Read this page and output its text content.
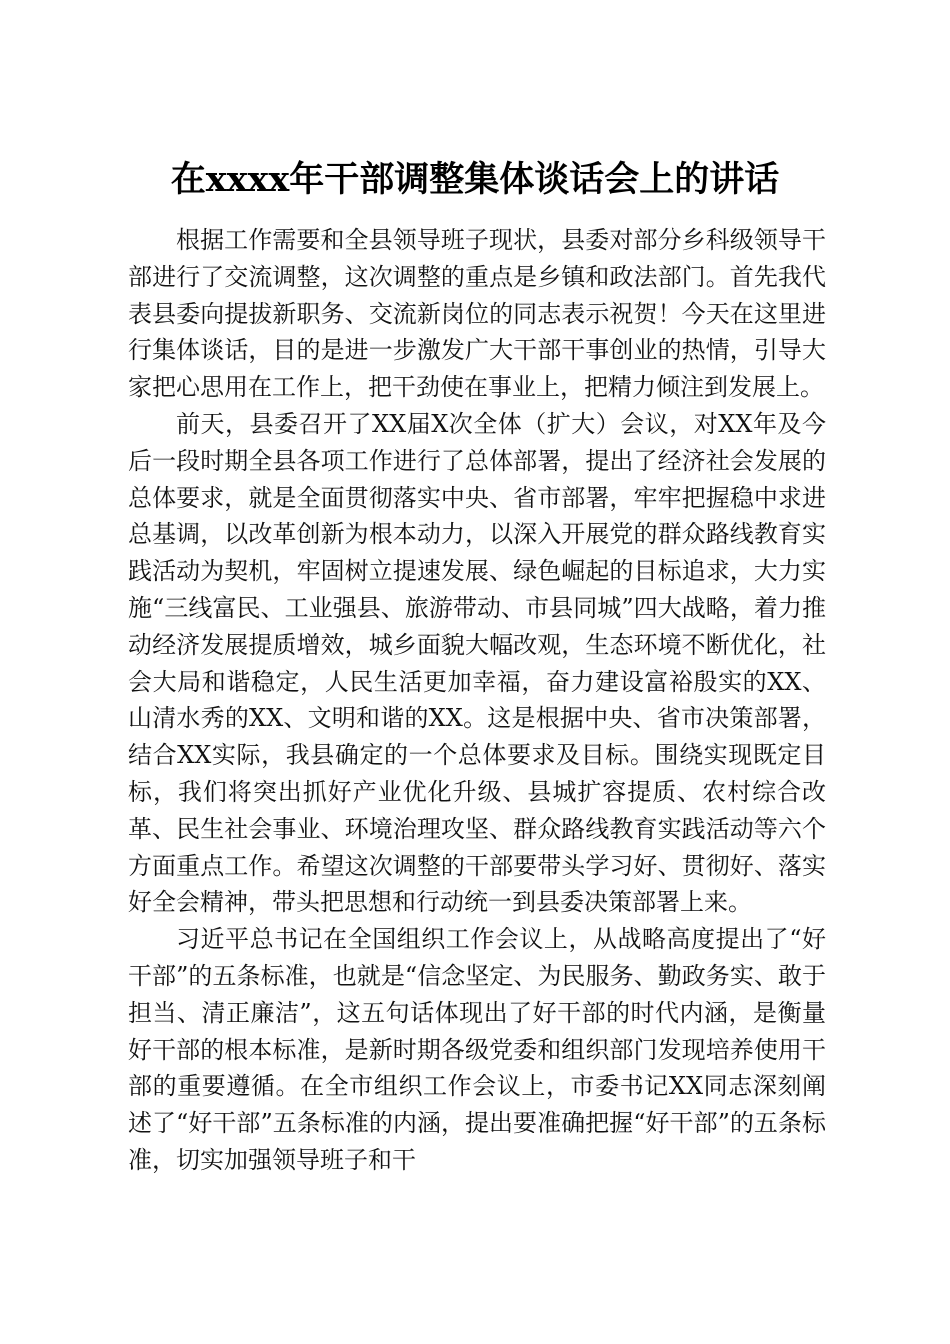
在xxxx年干部调整集体谈话会上的讲话

根据工作需要和全县领导班子现状，县委对部分乡科级领导干部进行了交流调整，这次调整的重点是乡镇和政法部门。首先我代表县委向提拔新职务、交流新岗位的同志表示祝贺！今天在这里进行集体谈话，目的是进一步激发广大干部干事创业的热情，引导大家把心思用在工作上，把干劲使在事业上，把精力倾注到发展上。

前天，县委召开了XX届X次全体（扩大）会议，对XX年及今后一段时期全县各项工作进行了总体部署，提出了经济社会发展的总体要求，就是全面贯彻落实中央、省市部署，牢牢把握稳中求进总基调，以改革创新为根本动力，以深入开展党的群众路线教育实践活动为契机，牢固树立提速发展、绿色崛起的目标追求，大力实施“三线富民、工业强县、旅游带动、市县同城”四大战略，着力推动经济发展提质增效，城乡面貌大幅改观，生态环境不断优化，社会大局和谐稳定，人民生活更加幸福，奋力建设富裕殷实的XX、山清水秀的XX、文明和谐的XX。这是根据中央、省市决策部署，结合XX实际，我县确定的一个总体要求及目标。围绕实现既定目标，我们将突出抓好产业优化升级、县城扩容提质、农村综合改革、民生社会事业、环境治理攻坚、群众路线教育实践活动等六个方面重点工作。希望这次调整的干部要带头学习好、贯彻好、落实好全会精神，带头把思想和行动统一到县委决策部署上来。

习近平总书记在全国组织工作会议上，从战略高度提出了“好干部”的五条标准，也就是“信念坚定、为民服务、勤政务实、敢于担当、清正廉洁”，这五句话体现出了好干部的时代内涵，是衡量好干部的根本标准，是新时期各级党委和组织部门发现培养使用干部的重要遵循。在全市组织工作会议上，市委书记XX同志深刻阐述了“好干部”五条标准的内涵，提出要准确把握“好干部”的五条标准，切实加强领导班子和干
